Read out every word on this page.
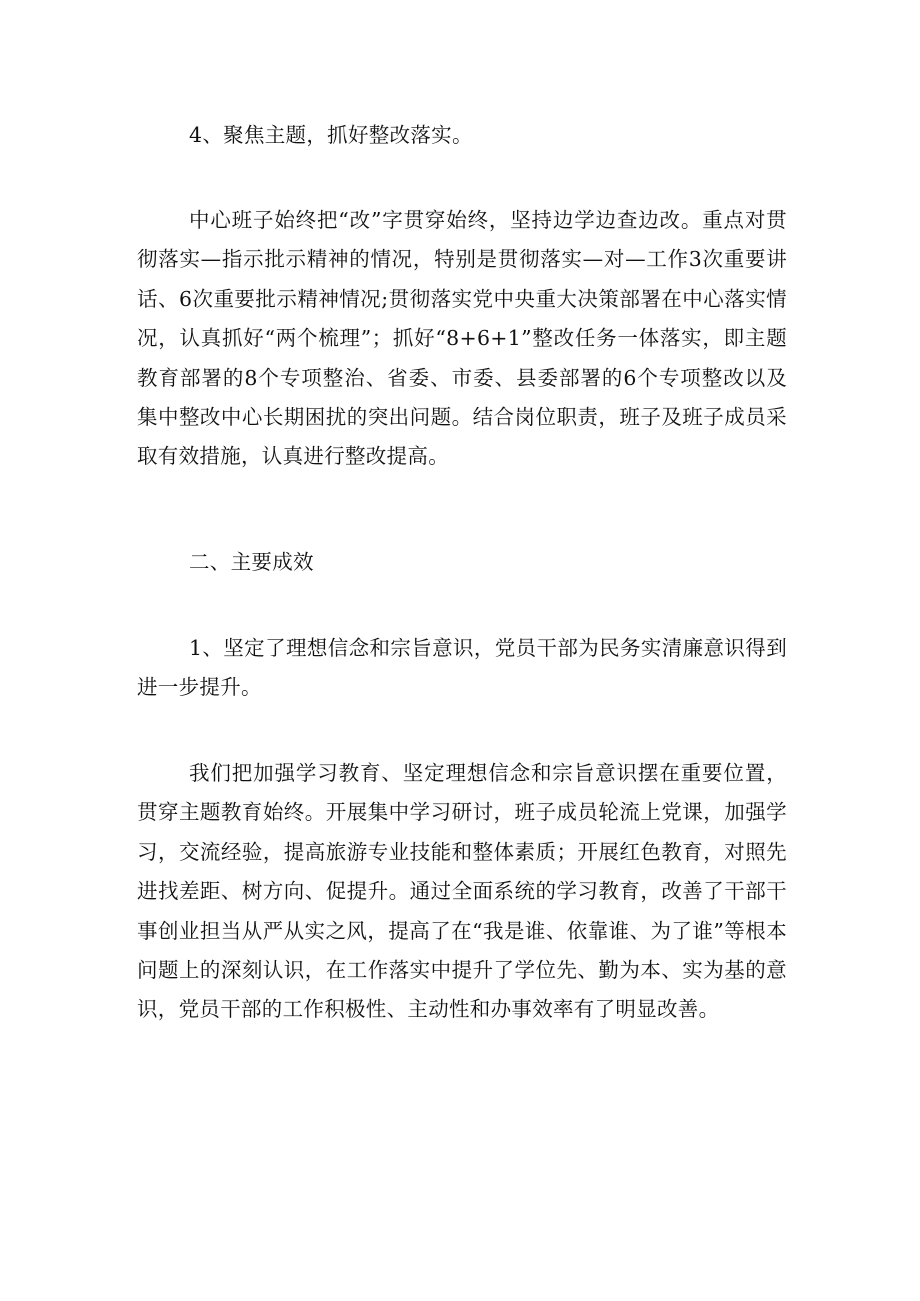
4、聚焦主题，抓好整改落实。

中心班子始终把“改”字贯穿始终，坚持边学边查边改。重点对贯彻落实—指示批示精神的情况，特别是贯彻落实—对—工作3次重要讲话、6次重要批示精神情况;贯彻落实党中央重大决策部署在中心落实情况，认真抓好“两个梳理”；抓好“8+6+1”整改任务一体落实，即主题教育部署的8个专项整治、省委、市委、县委部署的6个专项整改以及集中整改中心长期困扰的突出问题。结合岗位职责，班子及班子成员采取有效措施，认真进行整改提高。

二、主要成效

1、坚定了理想信念和宗旨意识，党员干部为民务实清廉意识得到进一步提升。

我们把加强学习教育、坚定理想信念和宗旨意识摆在重要位置，贯穿主题教育始终。开展集中学习研讨，班子成员轮流上党课，加强学习，交流经验，提高旅游专业技能和整体素质；开展红色教育，对照先进找差距、树方向、促提升。通过全面系统的学习教育，改善了干部干事创业担当从严从实之风，提高了在“我是谁、依靠谁、为了谁”等根本问题上的深刻认识，在工作落实中提升了学位先、勤为本、实为基的意识，党员干部的工作积极性、主动性和办事效率有了明显改善。
